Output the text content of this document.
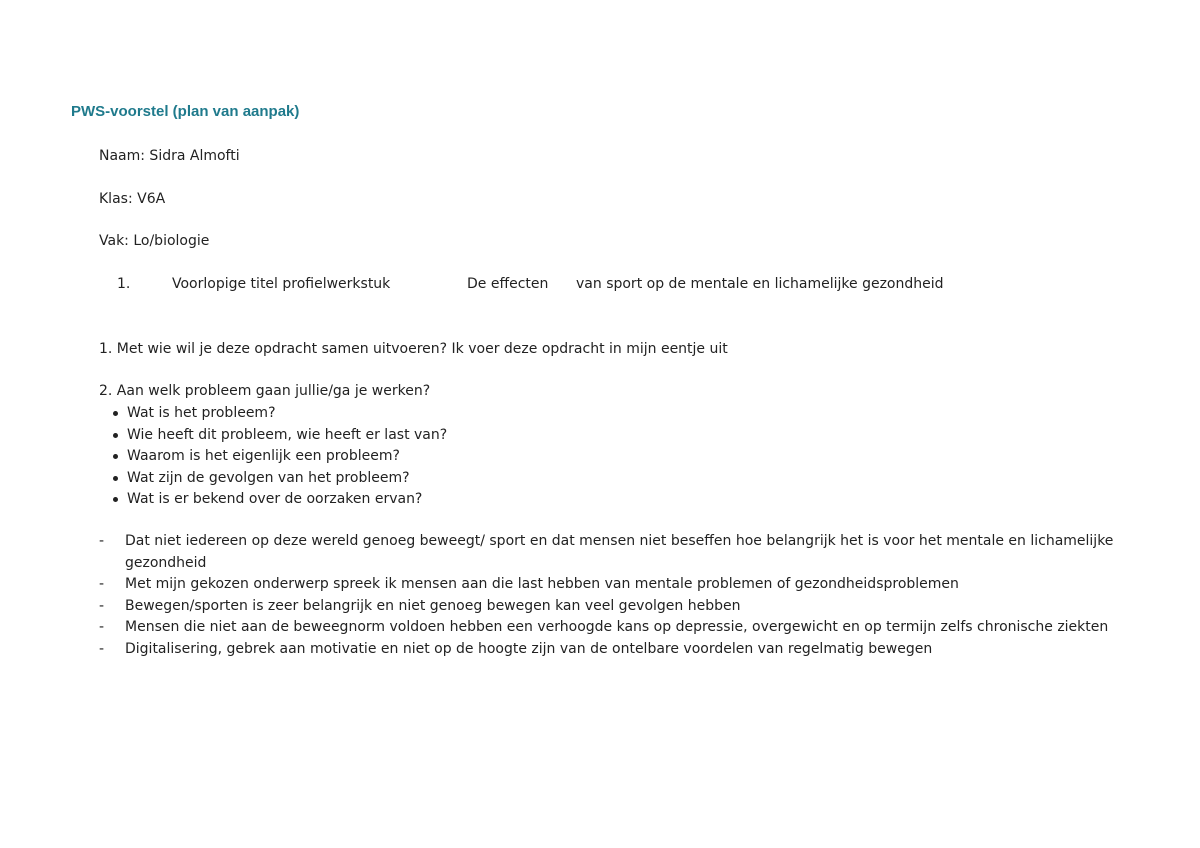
PWS-voorstel (plan van aanpak)
Naam: Sidra Almofti
Klas: V6A
Vak: Lo/biologie
1.	Voorlopige titel profielwerkstuk	De effecten van sport op de mentale en lichamelijke gezondheid
1. Met wie wil je deze opdracht samen uitvoeren? Ik voer deze opdracht in mijn eentje uit
2. Aan welk probleem gaan jullie/ga je werken?
Wat is het probleem?
Wie heeft dit probleem, wie heeft er last van?
Waarom is het eigenlijk een probleem?
Wat zijn de gevolgen van het probleem?
Wat is er bekend over de oorzaken ervan?
- Dat niet iedereen op deze wereld genoeg beweegt/ sport en dat mensen niet beseffen hoe belangrijk het is voor het mentale en lichamelijke gezondheid
- Met mijn gekozen onderwerp spreek ik mensen aan die last hebben van mentale problemen of gezondheidsproblemen
- Bewegen/sporten is zeer belangrijk en niet genoeg bewegen kan veel gevolgen hebben
- Mensen die niet aan de beweegnorm voldoen hebben een verhoogde kans op depressie, overgewicht en op termijn zelfs chronische ziekten
- Digitalisering, gebrek aan motivatie en niet op de hoogte zijn van de ontelbare voordelen van regelmatig bewegen
